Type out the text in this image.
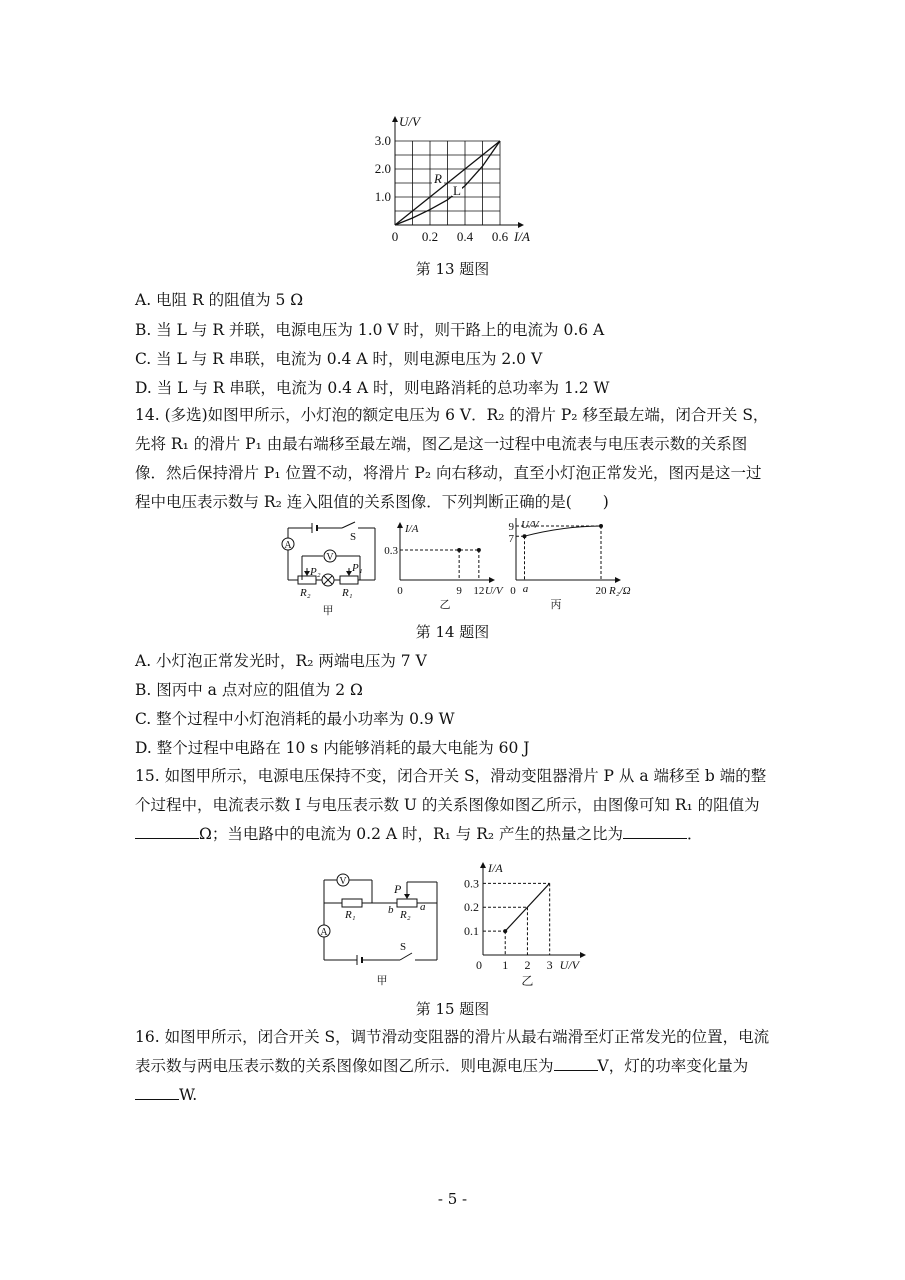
0 0.2 0.4 0.6
1.0
2.0
3.0
U/V
I/A
R
L
第 13 题图
A. 电阻 R 的阻值为 5 Ω
B. 当 L 与 R 并联，电源电压为 1.0 V 时，则干路上的电流为 0.6 A
C. 当 L 与 R 串联，电流为 0.4 A 时，则电源电压为 2.0 V
D. 当 L 与 R 串联，电流为 0.4 A 时，则电路消耗的总功率为 1.2 W
14. (多选)如图甲所示，小灯泡的额定电压为 6 V．R₂ 的滑片 P₂ 移至最左端，闭合开关 S，先将 R₁ 的滑片 P₁ 由最右端移至最左端，图乙是这一过程中电流表与电压表示数的关系图像．然后保持滑片 P₁ 位置不动，将滑片 P₂ 向右移动，直至小灯泡正常发光，图丙是这一过程中电压表示数与 R₂ 连入阻值的关系图像．下列判断正确的是(　　)
A
V
S
P₂	P₁
R₂	R₁
甲
0.3
0	9 12
I/A
U/V
乙
9
7
0 a	20
U/V
R₂/Ω
丙
第 14 题图
A. 小灯泡正常发光时，R₂ 两端电压为 7 V
B. 图丙中 a 点对应的阻值为 2 Ω
C. 整个过程中小灯泡消耗的最小功率为 0.9 W
D. 整个过程中电路在 10 s 内能够消耗的最大电能为 60 J
15. 如图甲所示，电源电压保持不变，闭合开关 S，滑动变阻器滑片 P 从 a 端移至 b 端的整个过程中，电流表示数 I 与电压表示数 U 的关系图像如图乙所示，由图像可知 R₁ 的阻值为
Ω；当电路中的电流为 0.2 A 时，R₁ 与 R₂ 产生的热量之比为	．
V
A
P
b a
R₁	R₂
S
甲
0.1
0.2
0.3
0 1 2 3
I/A
U/V
乙
第 15 题图
16. 如图甲所示，闭合开关 S，调节滑动变阻器的滑片从最右端滑至灯正常发光的位置，电流表示数与两电压表示数的关系图像如图乙所示．则电源电压为	V，灯的功率变化量为W.
- 5 -
